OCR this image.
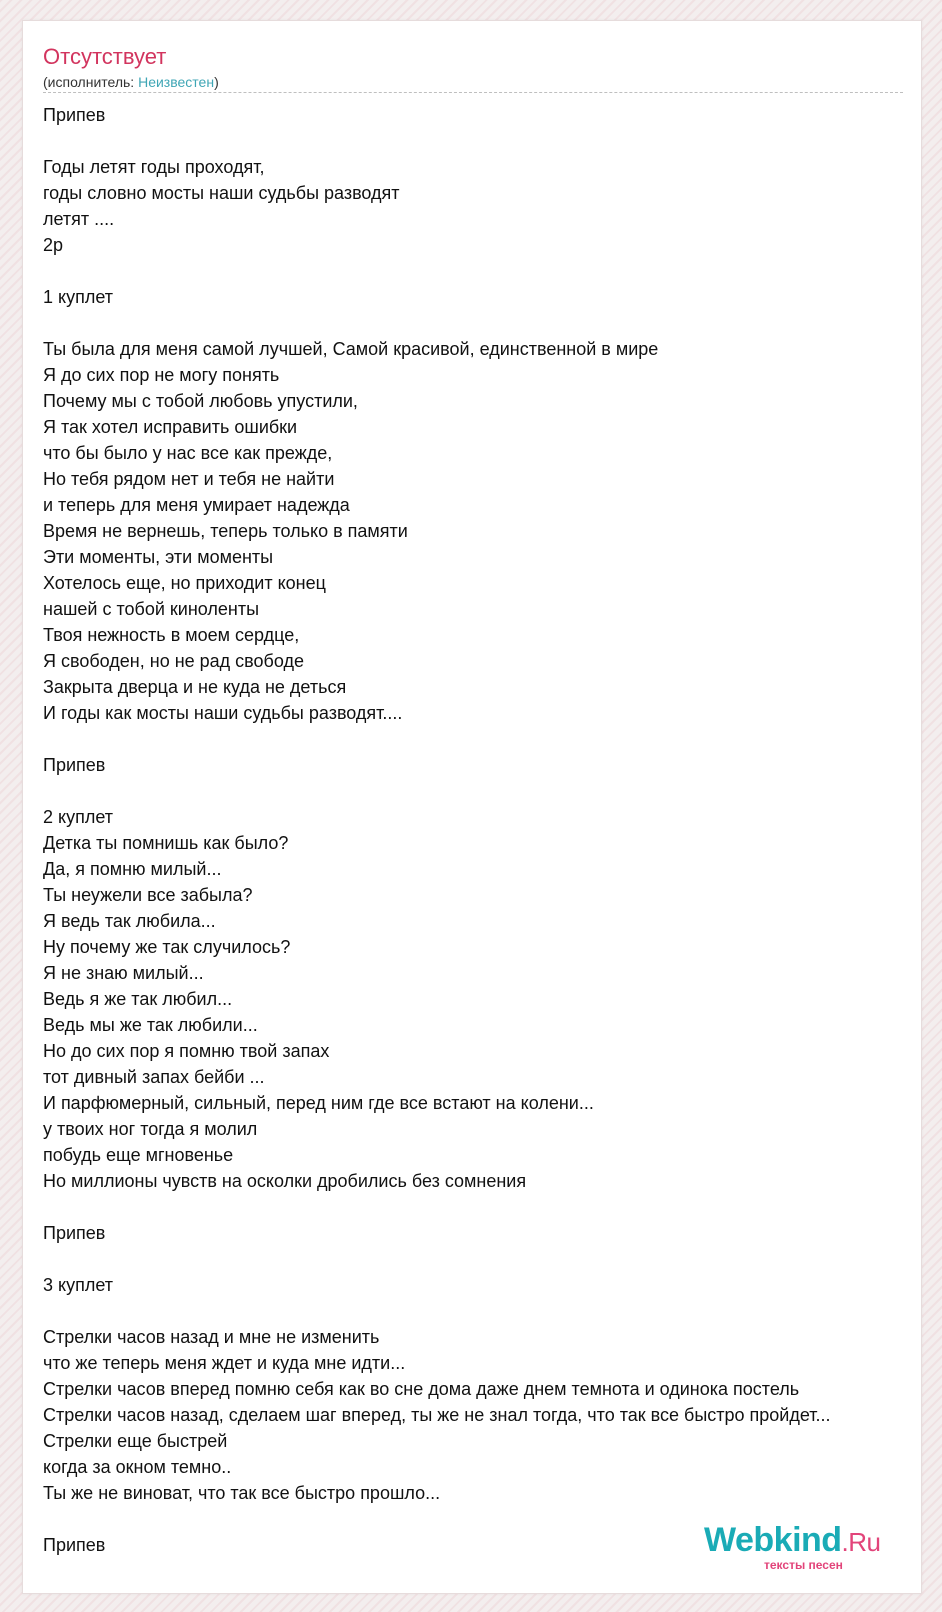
Отсутствует
(исполнитель: Неизвестен)
Припев
Годы летят годы проходят,
годы словно мосты наши судьбы разводят
летят ....
2р
1 куплет
Ты была для меня самой лучшей, Самой красивой, единственной в мире
Я до сих пор не могу понять
Почему мы с тобой любовь упустили,
Я так хотел исправить ошибки
что бы было у нас все как прежде,
Но тебя рядом нет и тебя не найти
и теперь для меня умирает надежда
Время не вернешь, теперь только в памяти
Эти моменты, эти моменты
Хотелось еще, но приходит конец
нашей с тобой киноленты
Твоя нежность в моем сердце,
Я свободен, но не рад свободе
Закрыта дверца и не куда не деться
И годы как мосты наши судьбы разводят....
Припев
2 куплет
Детка ты помнишь как было?
Да, я помню милый...
Ты неужели все забыла?
Я ведь так любила...
Ну почему же так случилось?
Я не знаю милый...
Ведь я же так любил...
Ведь мы же так любили...
Но до сих пор я помню твой запах
тот дивный запах бейби ...
И парфюмерный, сильный, перед ним где все встают на колени...
у твоих ног тогда я молил
побудь еще мгновенье
Но миллионы чувств на осколки дробились без сомнения
Припев
3 куплет
Стрелки часов назад и мне не изменить
что же теперь меня ждет и куда мне идти...
Стрелки часов вперед помню себя как во сне дома даже днем темнота и одинока постель
Стрелки часов назад, сделаем шаг вперед, ты же не знал тогда, что так все быстро пройдет...
Стрелки еще быстрей
когда за окном темно..
Ты же не виноват, что так все быстро прошло...
Припев	Webkind.Ru
тексты песен
